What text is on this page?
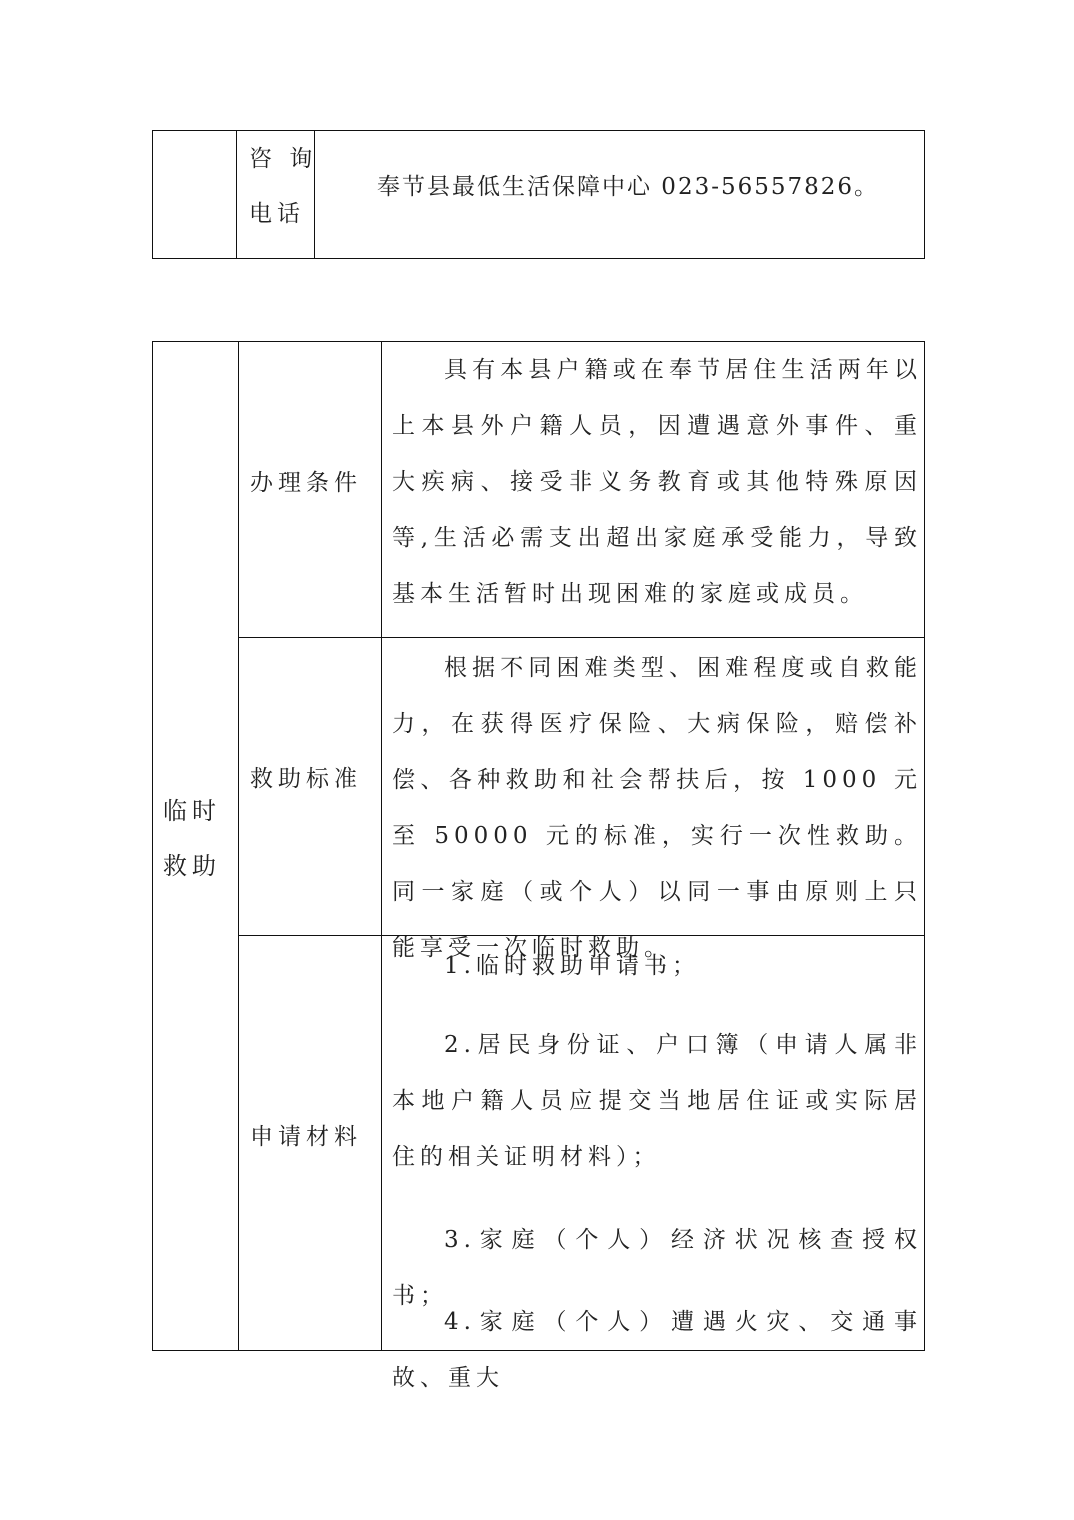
咨 询
电话
奉节县最低生活保障中心 023-56557826。
临时
救助
办理条件
具有本县户籍或在奉节居住生活两年以上本县外户籍人员，因遭遇意外事件、重大疾病、接受非义务教育或其他特殊原因等,生活必需支出超出家庭承受能力，导致基本生活暂时出现困难的家庭或成员。
救助标准
根据不同困难类型、困难程度或自救能力，在获得医疗保险、大病保险，赔偿补偿、各种救助和社会帮扶后，按 1000 元至 50000 元的标准，实行一次性救助。同一家庭（或个人）以同一事由原则上只能享受一次临时救助。
申请材料
1.临时救助申请书；
2.居民身份证、户口簿（申请人属非本地户籍人员应提交当地居住证或实际居住的相关证明材料）；
3.家庭（个人）经济状况核查授权书；
4.家庭（个人）遭遇火灾、交通事故、重大
